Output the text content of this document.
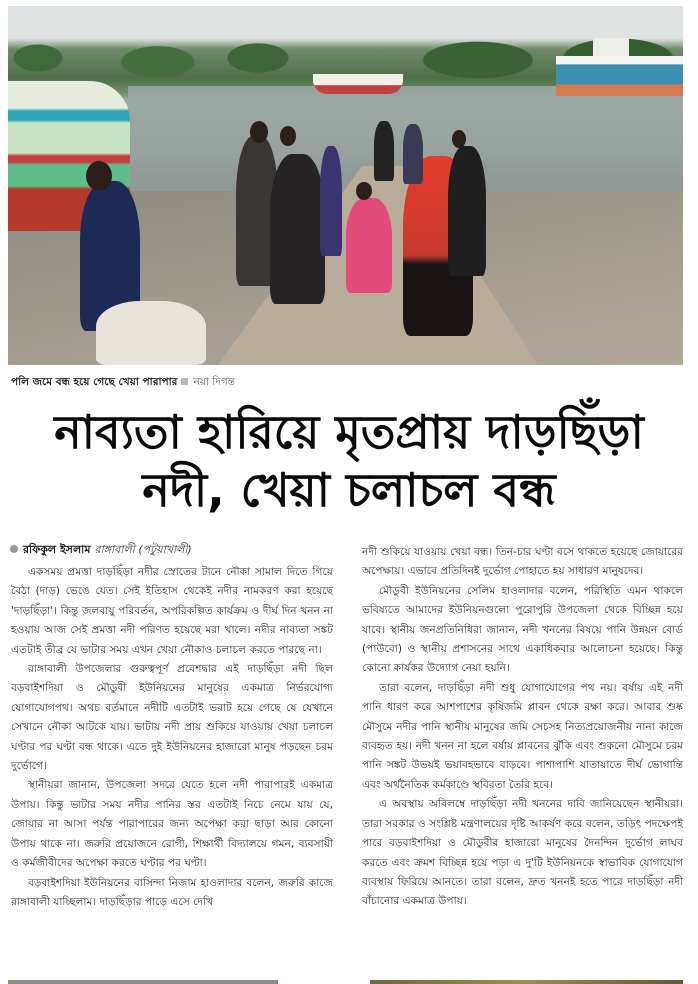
পলি জমে বন্ধ হয়ে গেছে খেয়া পারাপার নয়া দিগন্ত
নাব্যতা হারিয়ে মৃতপ্রায় দাড়ছিঁড়া
নদী, খেয়া চলাচল বন্ধ
রফিকুল ইসলাম রাঙ্গাবালী (পটুয়াখালী)

একসময় প্রমত্তা দাড়ছিঁড়া নদীর স্রোতের টানে নৌকা সামাল দিতে গিয়ে বৈঠা (দাড়) ভেঙে যেত। সেই ইতিহাস থেকেই নদীর নামকরণ করা হয়েছে 'দাড়ছিঁড়া'। কিন্তু জলবায়ু পরিবর্তন, অপরিকল্পিত কার্যক্রম ও দীর্ঘ দিন খনন না হওয়ায় আজ সেই প্রমত্তা নদী পরিণত হয়েছে মরা খালে। নদীর নাব্যতা সঙ্কট এতটাই তীব্র যে ভাটার সময় এখন খেয়া নৌকাও চলাচল করতে পারছে না।

রাঙ্গাবালী উপজেলার গুরুত্বপূর্ণ প্রবেশদ্বার এই দাড়ছিঁড়া নদী ছিল বড়বাইশদিয়া ও মৌডুবী ইউনিয়নের মানুষের একমাত্র নির্ভরযোগ্য যোগাযোগপথ। অথচ বর্তমানে নদীটি এতটাই ভরাট হয়ে গেছে যে যেখানে সেখানে নৌকা আটকে যায়। ভাটায় নদী প্রায় শুকিয়ে যাওয়ায় খেয়া চলাচল ঘণ্টার পর ঘণ্টা বন্ধ থাকে। এতে দুই ইউনিয়নের হাজারো মানুষ পড়ছেন চরম দুর্ভোগে।

স্থানীয়রা জানান, উপজেলা সদরে যেতে হলে নদী পারাপারই একমাত্র উপায়। কিন্তু ভাটার সময় নদীর পানির স্তর এতটাই নিচে নেমে যায় যে, জোয়ার না আসা পর্যন্ত পারাপারের জন্য অপেক্ষা করা ছাড়া আর কোনো উপায় থাকে না। জরুরি প্রয়োজনে রোগী, শিক্ষার্থী বিদ্যালয়ে গমন, ব্যবসায়ী ও কর্মজীবীদের অপেক্ষা করতে ঘণ্টার পর ঘণ্টা।

বড়বাইশদিয়া ইউনিয়নের বাসিন্দা নিজাম হাওলাদার বলেন, জরুরি কাজে রাঙ্গাবালী যাচ্ছিলাম। দাড়ছিঁড়ার পাড়ে এসে দেখি

নদী শুকিয়ে যাওয়ায় খেয়া বন্ধ। তিন-চার ঘণ্টা বসে থাকতে হয়েছে জোয়ারের অপেক্ষায়। এভাবে প্রতিদিনই দুর্ভোগ পোহাতে হয় সাধারণ মানুষদের।

মৌডুবী ইউনিয়নের সেলিম হাওলাদার বলেন, পরিস্থিতি এমন থাকলে ভবিষ্যতে আমাদের ইউনিয়নগুলো পুরোপুরি উপজেলা থেকে বিচ্ছিন্ন হয়ে যাবে। স্থানীয় জনপ্রতিনিধিরা জানান, নদী খননের বিষয়ে পানি উন্নয়ন বোর্ড (পাউবো) ও স্থানীয় প্রশাসনের সাথে একাধিকবার আলোচনা হয়েছে। কিন্তু কোনো কার্যকর উদ্যোগ নেয়া হয়নি।

তারা বলেন, দাড়ছিঁড়া নদী শুধু যোগাযোগের পথ নয়। বর্ষায় এই নদী পানি ধারণ করে আশপাশের কৃষিজমি প্লাবন থেকে রক্ষা করে। আবার শুষ্ক মৌসুমে নদীর পানি স্থানীয় মানুষের জমি সেচসহ নিত্যপ্রয়োজনীয় নানা কাজে ব্যবহৃত হয়। নদী খনন না হলে বর্ষায় প্লাবনের ঝুঁকি এবং শুকনো মৌসুমে চরম পানি সঙ্কট উভয়ই ভয়াবহভাবে বাড়বে। পাশাপাশি যাতায়াতে দীর্ঘ ভোগান্তি এবং অর্থনৈতিক কর্মকাণ্ডে স্থবিরতা তৈরি হবে।

এ অবস্থায় অবিলম্বে দাড়ছিঁড়া নদী খননের দাবি জানিয়েছেন স্থানীয়রা। তারা সরকার ও সংশ্লিষ্ট মন্ত্রণালয়ের দৃষ্টি আকর্ষণ করে বলেন, তড়িৎ পদক্ষেপই পারে বড়বাইশদিয়া ও মৌডুবীর হাজারো মানুষের দৈনন্দিন দুর্ভোগ লাঘব করতে এবং ক্রমশ বিচ্ছিন্ন হয়ে পড়া এ দু'টি ইউনিয়নকে স্বাভাবিক যোগাযোগ ব্যবস্থায় ফিরিয়ে আনতে। তারা বলেন, দ্রুত খননই হতে পারে দাড়ছিঁড়া নদী বাঁচানোর একমাত্র উপায়।
